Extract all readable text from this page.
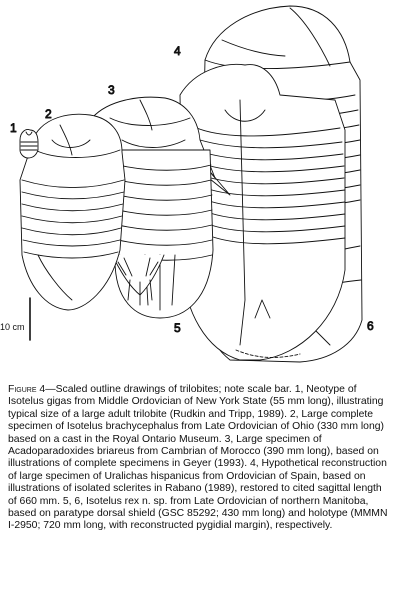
1
2
3
4
5	6
10 cm

Figure 4—Scaled outline drawings of trilobites; note scale bar. 1, Neotype of Isotelus gigas from Middle Ordovician of New York State (55 mm long), illustrating typical size of a large adult trilobite (Rudkin and Tripp, 1989). 2, Large complete specimen of Isotelus brachycephalus from Late Ordovician of Ohio (330 mm long) based on a cast in the Royal Ontario Museum. 3, Large specimen of Acadoparadoxides briareus from Cambrian of Morocco (390 mm long), based on illustrations of complete specimens in Geyer (1993). 4, Hypothetical reconstruction of large specimen of Uralichas hispanicus from Ordovician of Spain, based on illustrations of isolated sclerites in Rabano (1989), restored to cited sagittal length of 660 mm. 5, 6, Isotelus rex n. sp. from Late Ordovician of northern Manitoba, based on paratype dorsal shield (GSC 85292; 430 mm long) and holotype (MMMN I-2950; 720 mm long, with reconstructed pygidial margin), respectively.
